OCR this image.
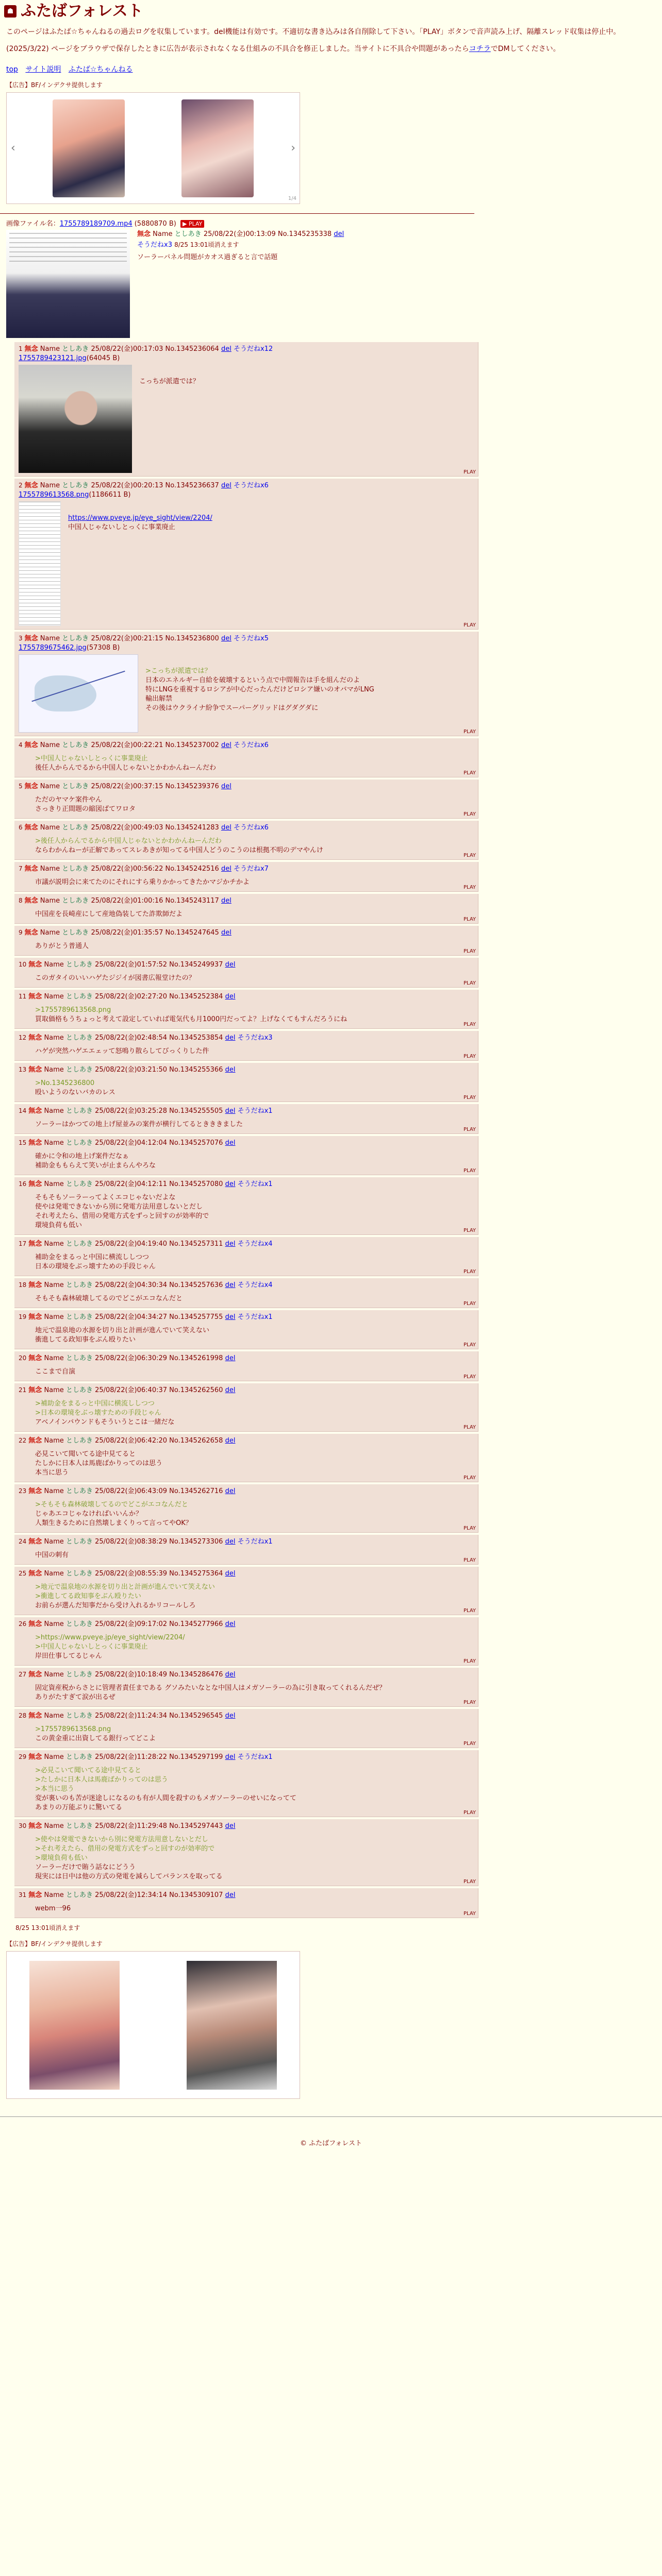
☗ ふたばフォレスト

このページはふたば☆ちゃんねるの過去ログを収集しています。del機能は有効です。不適切な書き込みは各自削除して下さい。「PLAY」ボタンで音声読み上げ、隔離スレッド収集は停止中。

(2025/3/22) ページをブラウザで保存したときに広告が表示されなくなる仕組みの不具合を修正しました。当サイトに不具合や問題があったらコチラでDMしてください。

top サイト説明 ふたば☆ちゃんねる
【広告】BF/インデクサ提供します
‹	›
1/4
画像ファイル名：1755789189709.mp4 (5880870 B) ▶ PLAY
無念 Name としあき 25/08/22(金)00:13:09 No.1345235338 del
そうだねx3 8/25 13:01頃消えます
ソーラーパネル問題がカオス過ぎると言で話題
1 無念 Name としあき 25/08/22(金)00:17:03 No.1345236064 del そうだねx12
1755789423121.jpg(64045 B)
こっちが派遣では？
PLAY
2 無念 Name としあき 25/08/22(金)00:20:13 No.1345236637 del そうだねx6
1755789613568.png(1186611 B)
https://www.pveye.jp/eye_sight/view/2204/
中国人じゃないしとっくに事業廃止
PLAY
3 無念 Name としあき 25/08/22(金)00:21:15 No.1345236800 del そうだねx5
1755789675462.jpg(57308 B)
>こっちが派遣では？
日本のエネルギー自給を破壊するという点で中間報告は手を組んだのよ
特にLNGを重視するロシアが中心だったんだけどロシア嫌いのオバマがLNG
輸出解禁
その後はウクライナ紛争でスーパーグリッドはグダグダに
PLAY
4 無念 Name としあき 25/08/22(金)00:22:21 No.1345237002 del そうだねx6
>中国人じゃないしとっくに事業廃止
後任人からんでるから中国人じゃないとかわかんねーんだわ
PLAY
5 無念 Name としあき 25/08/22(金)00:37:15 No.1345239376 del
ただのヤマケ案件やん
さっきり正間題の縮図ばてワロタ
PLAY
6 無念 Name としあき 25/08/22(金)00:49:03 No.1345241283 del そうだねx6
>後任人からんでるから中国人じゃないとかわかんねーんだわ
ならわかんねーが正解であってスレあきが知ってる中国人どうのこうのは根拠不明のデマやんけ
PLAY
7 無念 Name としあき 25/08/22(金)00:56:22 No.1345242516 del そうだねx7
市議が説明会に来てたのにそれにすら乗りかかってきたかマジかチかよ
PLAY
8 無念 Name としあき 25/08/22(金)01:00:16 No.1345243117 del
中国産を長崎産にして産地偽装してた詐欺師だよ
PLAY
9 無念 Name としあき 25/08/22(金)01:35:57 No.1345247645 del
ありがとう普通人
PLAY
10 無念 Name としあき 25/08/22(金)01:57:52 No.1345249937 del
このガタイのいいハゲたジジイが図書広報堂けたの？
PLAY
11 無念 Name としあき 25/08/22(金)02:27:20 No.1345252384 del
>1755789613568.png
買取価格もうちょっと考えて設定していれば電気代も月1000円だってよ？上げなくてもすんだろうにね
PLAY
12 無念 Name としあき 25/08/22(金)02:48:54 No.1345253854 del そうだねx3
ハゲが突然ハゲエエェッて怒鳴り散らしてびっくりした件
PLAY
13 無念 Name としあき 25/08/22(金)03:21:50 No.1345255366 del
>No.1345236800
殴いようのないバカのレス
PLAY
14 無念 Name としあき 25/08/22(金)03:25:28 No.1345255505 del そうだねx1
ソーラーはかつての地上げ屋並みの案件が横行してるときききました
PLAY
15 無念 Name としあき 25/08/22(金)04:12:04 No.1345257076 del
確かに令和の地上げ案件だなぁ
補助金ももらえて笑いが止まらんやろな
PLAY
16 無念 Name としあき 25/08/22(金)04:12:11 No.1345257080 del そうだねx1
そもそもソーラーってよくエコじゃないだよな
使やは発電できないから別に発電方法用意しないとだし
それ考えたら、借用の発電方式をずっと回すのが効率的で
環境負荷も低い
PLAY
17 無念 Name としあき 25/08/22(金)04:19:40 No.1345257311 del そうだねx4
補助金をまるっと中国に横流ししつつ
日本の環境をぶっ壊すための手段じゃん
PLAY
18 無念 Name としあき 25/08/22(金)04:30:34 No.1345257636 del そうだねx4
そもそも森林破壊してるのでどこがエコなんだと
PLAY
19 無念 Name としあき 25/08/22(金)04:34:27 No.1345257755 del そうだねx1
地元で温泉地の水源を切り出と計画が進んでいて笑えない
衝進してる政知事をぶん殴りたい
PLAY
20 無念 Name としあき 25/08/22(金)06:30:29 No.1345261998 del
ここまで自演
PLAY
21 無念 Name としあき 25/08/22(金)06:40:37 No.1345262560 del
>補助金をまるっと中国に横流ししつつ
>日本の環境をぶっ壊すための手段じゃん
アベノインバウンドもそういうとこは一緒だな
PLAY
22 無念 Name としあき 25/08/22(金)06:42:20 No.1345262658 del
必見こいて聞いてる途中見てると
たしかに日本人は馬鹿ばかりってのは思う
本当に思う
PLAY
23 無念 Name としあき 25/08/22(金)06:43:09 No.1345262716 del
>そもそも森林破壊してるのでどこがエコなんだと
じゃあエコじゃなければいいんか？
人類生きるために自然壊しまくりって言ってやOK？
PLAY
24 無念 Name としあき 25/08/22(金)08:38:29 No.1345273306 del そうだねx1
中国の刺有
PLAY
25 無念 Name としあき 25/08/22(金)08:55:39 No.1345275364 del
>地元で温泉地の水源を切り出と計画が進んでいて笑えない
>衝進してる政知事をぶん殴りたい
お前らが選んだ知事だから受け入れるかリコールしろ
PLAY
26 無念 Name としあき 25/08/22(金)09:17:02 No.1345277966 del
>https://www.pveye.jp/eye_sight/view/2204/
>中国人じゃないしとっくに事業廃止
岸田仕事してるじゃん
PLAY
27 無念 Name としあき 25/08/22(金)10:18:49 No.1345286476 del
固定資産税からさとに管理者責任まである グソみたいなとな中国人はメガソーラーの為に引き取ってくれるんだぜ？
ありがたすぎて涙が出るぜ
PLAY
28 無念 Name としあき 25/08/22(金)11:24:34 No.1345296545 del
>1755789613568.png
この黄金重に出資してる銀行ってどこよ
PLAY
29 無念 Name としあき 25/08/22(金)11:28:22 No.1345297199 del そうだねx1
>必見こいて聞いてる途中見てると
>たしかに日本人は馬鹿ばかりってのは思う
>本当に思う
変が裏いのも苦が迷途しになるのも有が人間を殺すのもメガソーラーのせいになってて
あまりの万能ぶりに驚いてる
PLAY
30 無念 Name としあき 25/08/22(金)11:29:48 No.1345297443 del
>使やは発電できないから別に発電方法用意しないとだし
>それ考えたら、借用の発電方式をずっと回すのが効率的で
>環境負荷も低い
ソーラーだけで賄う話なにどうう
現実には日中は他の方式の発電を減らしてバランスを取ってる
PLAY
31 無念 Name としあき 25/08/22(金)12:34:14 No.1345309107 del
webm一96
PLAY
8/25 13:01頃消えます
【広告】BF/インデクサ提供します
© ふたばフォレスト
